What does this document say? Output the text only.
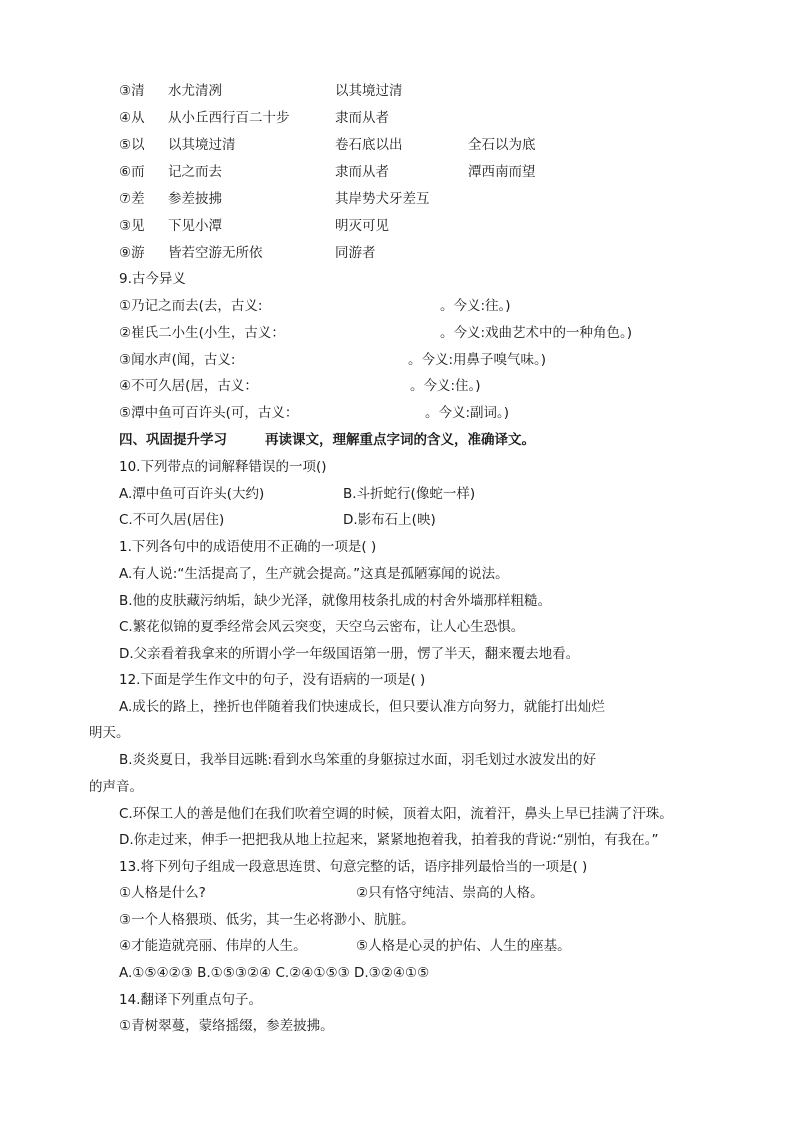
③清 水尤清冽	以其境过清
④从 从小丘西行百二十步	隶而从者
⑤以 以其境过清	卷石底以出	全石以为底
⑥而 记之而去	隶而从者	潭西南而望
⑦差 参差披拂	其岸势犬牙差互
③见 下见小潭	明灭可见
⑨游 皆若空游无所依	同游者
9.古今异义
①乃记之而去(去，古义:	。今义:往。)
②崔氏二小生(小生，古义：	。今义:戏曲艺术中的一种角色。)
③闻水声(闻，古义:	。今义:用鼻子嗅气味。)
④不可久居(居，古义：	。今义:住。)
⑤潭中鱼可百许头(可，古义：	。今义:副词。)
四、巩固提升学习	再读课文，理解重点字词的含义，准确译文。
10.下列带点的词解释错误的一项()
A.潭中鱼可百许头(大约)	B.斗折蛇行(像蛇一样)
C.不可久居(居住)	D.影布石上(映)
1.下列各句中的成语使用不正确的一项是( )
A.有人说:“生活提高了，生产就会提高。”这真是孤陋寡闻的说法。
B.他的皮肤藏污纳垢，缺少光泽，就像用枝条扎成的村舍外墙那样粗糙。
C.繁花似锦的夏季经常会风云突变，天空乌云密布，让人心生恐惧。
D.父亲看着我拿来的所谓小学一年级国语第一册，愣了半天，翻来覆去地看。
12.下面是学生作文中的句子，没有语病的一项是( )
A.成长的路上，挫折也伴随着我们快速成长，但只要认准方向努力，就能打出灿烂
明天。
B.炎炎夏日，我举目远眺:看到水鸟笨重的身躯掠过水面，羽毛划过水波发出的好
的声音。
C.环保工人的善是他们在我们吹着空调的时候，顶着太阳，流着汗，鼻头上早已挂满了汗珠。
D.你走过来，伸手一把把我从地上拉起来，紧紧地抱着我，拍着我的背说:“别怕，有我在。”
13.将下列句子组成一段意思连贯、句意完整的话，语序排列最恰当的一项是( )
①人格是什么?	②只有恪守纯洁、崇高的人格。
③一个人格猥琐、低劣，其一生必将渺小、肮脏。
④才能造就亮丽、伟岸的人生。	⑤人格是心灵的护佑、人生的座基。
A.①⑤④②③ B.①⑤③②④ C.②④①⑤③ D.③②④①⑤
14.翻译下列重点句子。
①青树翠蔓，蒙络摇缀，参差披拂。
